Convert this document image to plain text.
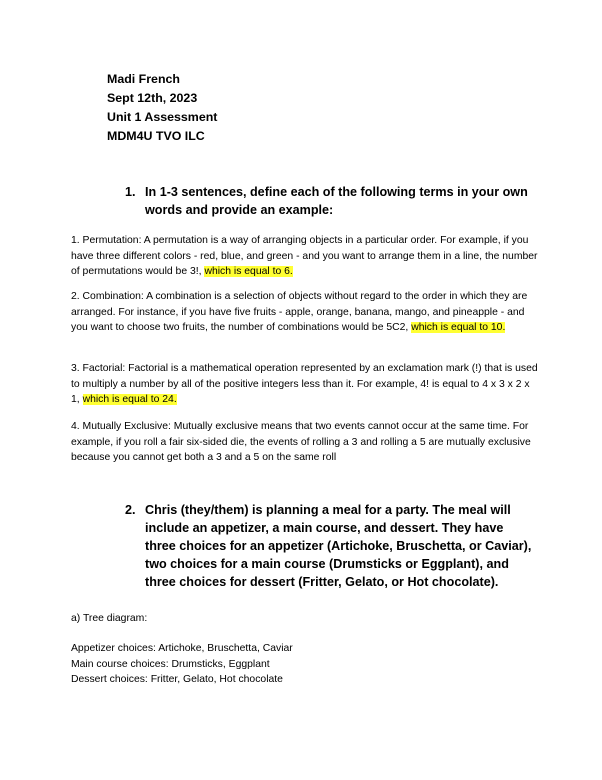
Madi French
Sept 12th, 2023
Unit 1 Assessment
MDM4U TVO ILC
1. In 1-3 sentences, define each of the following terms in your own words and provide an example:
1. Permutation: A permutation is a way of arranging objects in a particular order. For example, if you have three different colors - red, blue, and green - and you want to arrange them in a line, the number of permutations would be 3!, which is equal to 6.
2. Combination: A combination is a selection of objects without regard to the order in which they are arranged. For instance, if you have five fruits - apple, orange, banana, mango, and pineapple - and you want to choose two fruits, the number of combinations would be 5C2, which is equal to 10.
3. Factorial: Factorial is a mathematical operation represented by an exclamation mark (!) that is used to multiply a number by all of the positive integers less than it. For example, 4! is equal to 4 x 3 x 2 x 1, which is equal to 24.
4. Mutually Exclusive: Mutually exclusive means that two events cannot occur at the same time. For example, if you roll a fair six-sided die, the events of rolling a 3 and rolling a 5 are mutually exclusive because you cannot get both a 3 and a 5 on the same roll
2. Chris (they/them) is planning a meal for a party. The meal will include an appetizer, a main course, and dessert. They have three choices for an appetizer (Artichoke, Bruschetta, or Caviar), two choices for a main course (Drumsticks or Eggplant), and three choices for dessert (Fritter, Gelato, or Hot chocolate).
a) Tree diagram:
Appetizer choices: Artichoke, Bruschetta, Caviar
Main course choices: Drumsticks, Eggplant
Dessert choices: Fritter, Gelato, Hot chocolate
